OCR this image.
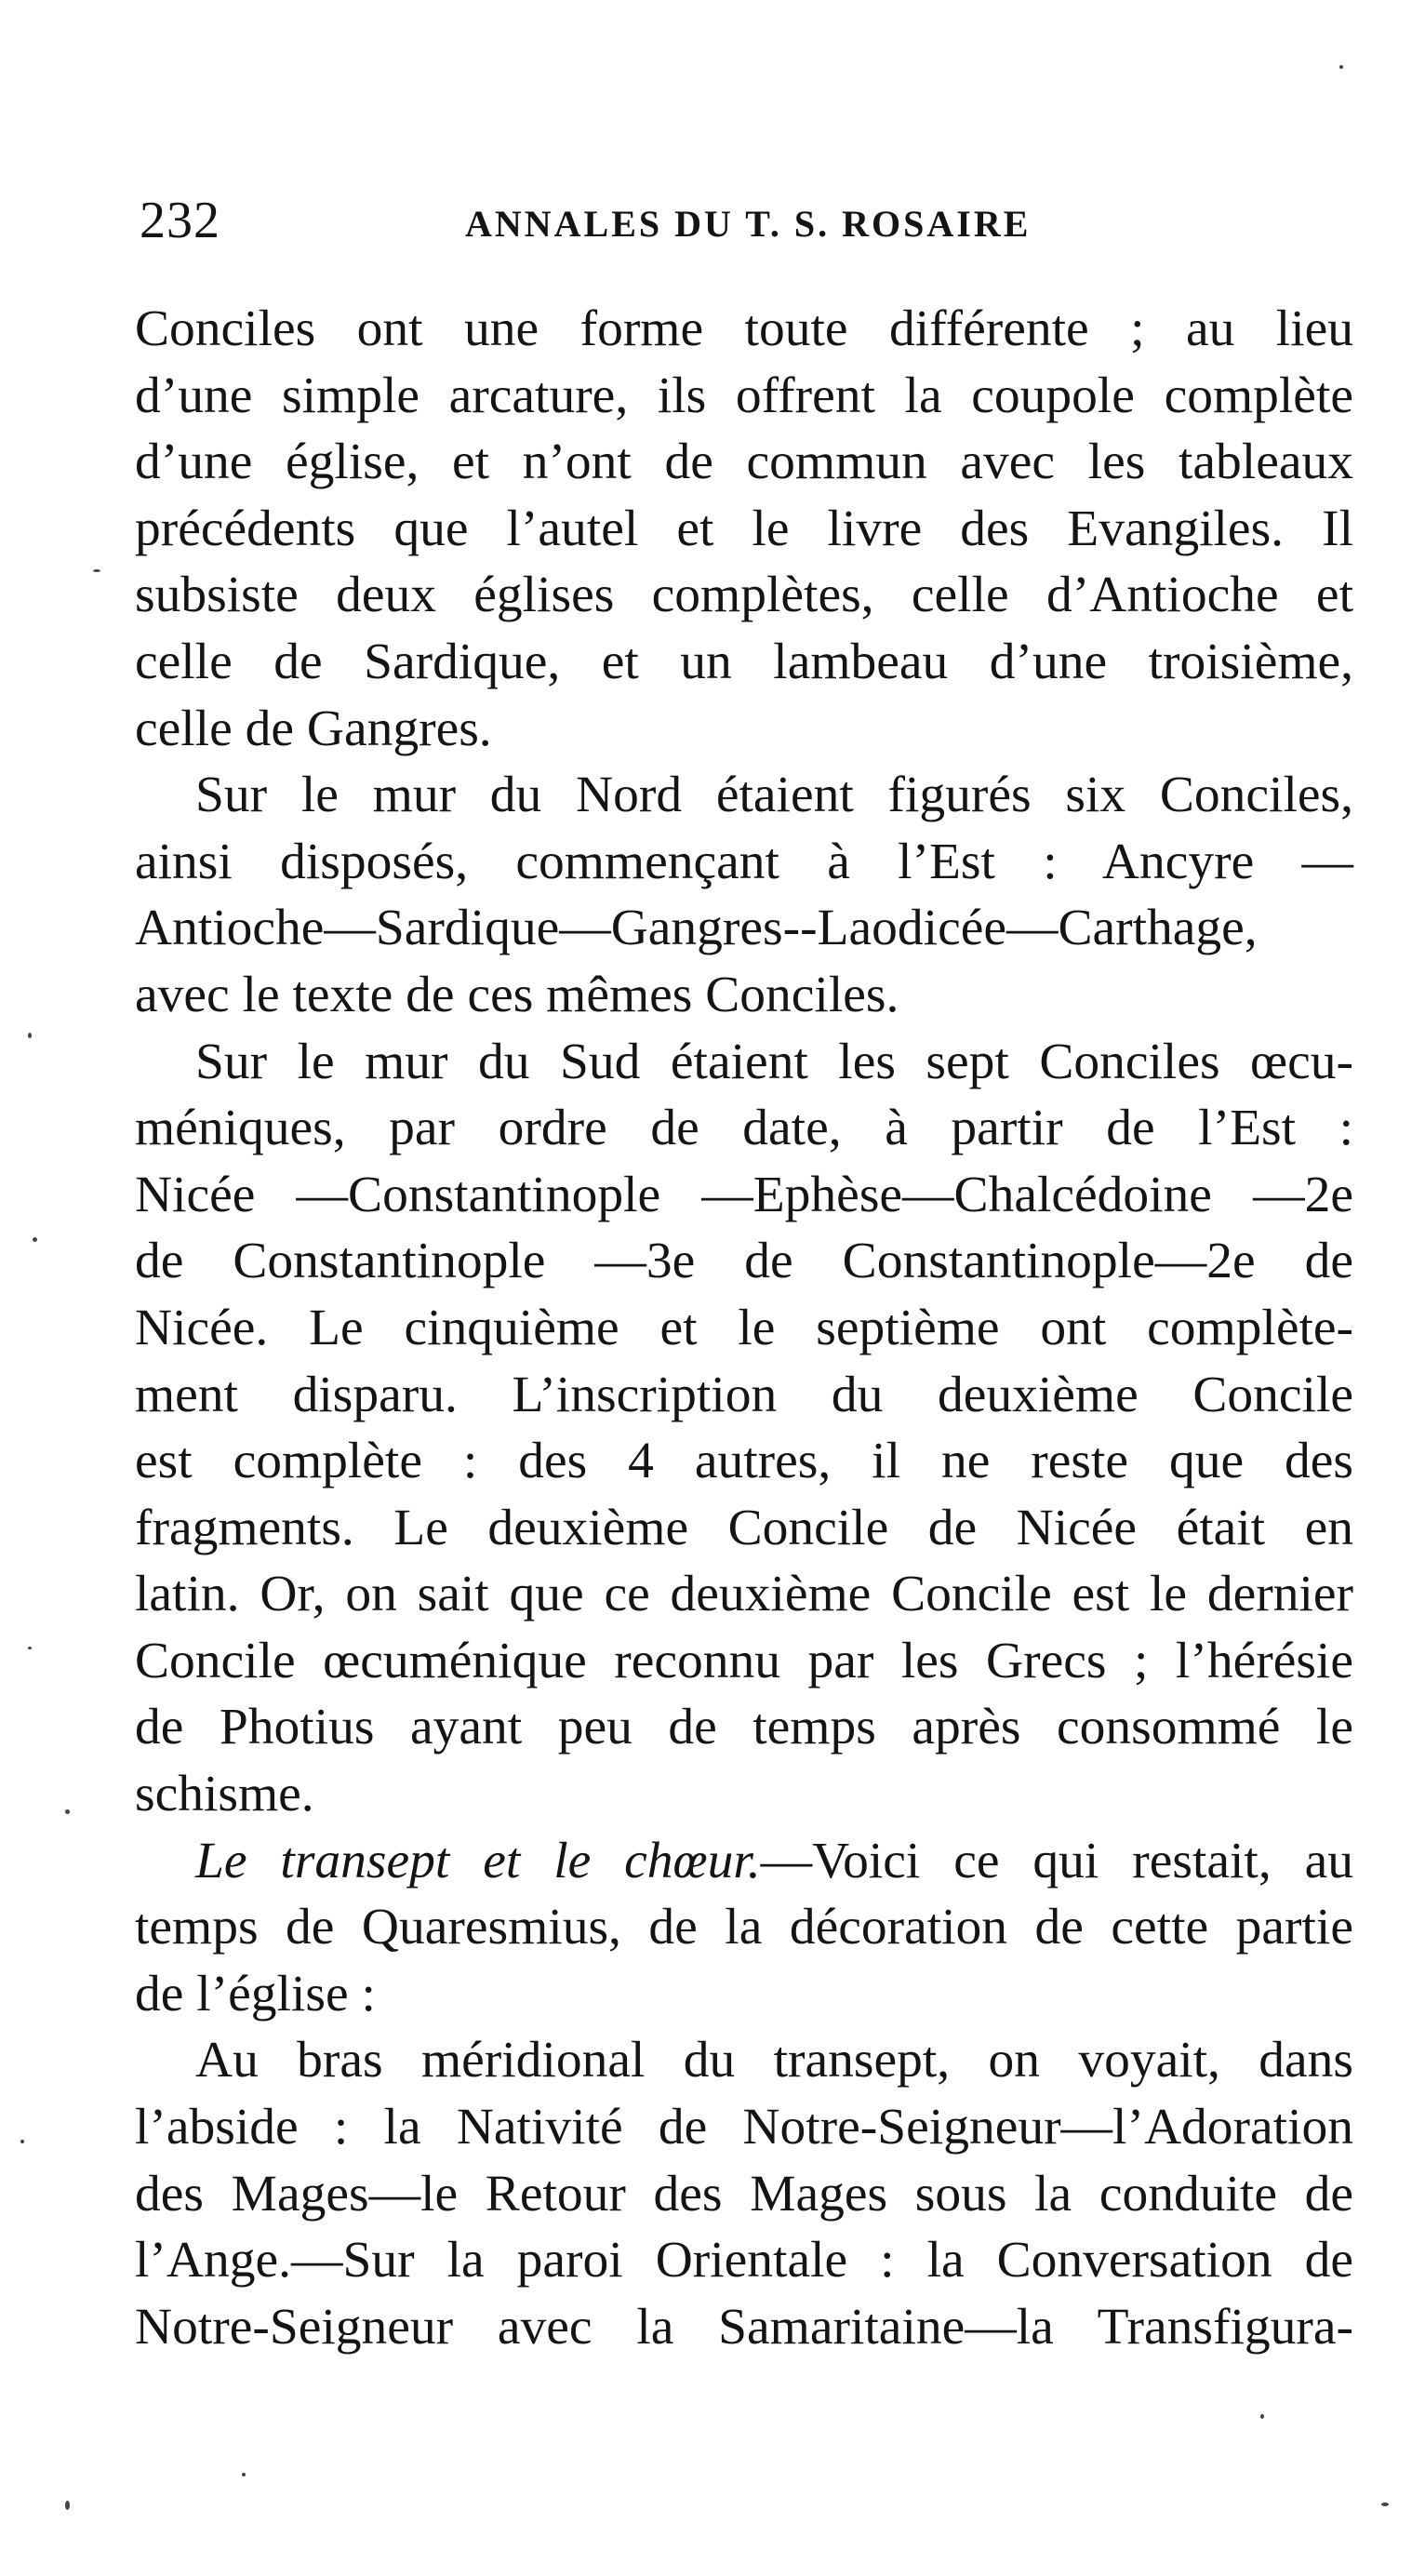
232	ANNALES DU T. S. ROSAIRE
Conciles ont une forme toute différente ; au lieu
d’une simple arcature, ils offrent la coupole complète
d’une église, et n’ont de commun avec les tableaux
précédents que l’autel et le livre des Evangiles. Il
subsiste deux églises complètes, celle d’Antioche et
celle de Sardique, et un lambeau d’une troisième,
celle de Gangres.
Sur le mur du Nord étaient figurés six Conciles,
ainsi disposés, commençant à l’Est : Ancyre —
Antioche—Sardique—Gangres--Laodicée—Carthage,
avec le texte de ces mêmes Conciles.
Sur le mur du Sud étaient les sept Conciles œcu-
méniques, par ordre de date, à partir de l’Est :
Nicée —Constantinople —Ephèse—Chalcédoine —2e
de Constantinople —3e de Constantinople—2e de
Nicée. Le cinquième et le septième ont complète-
ment disparu. L’inscription du deuxième Concile
est complète : des 4 autres, il ne reste que des
fragments. Le deuxième Concile de Nicée était en
latin. Or, on sait que ce deuxième Concile est le dernier
Concile œcuménique reconnu par les Grecs ; l’hérésie
de Photius ayant peu de temps après consommé le
schisme.
Le transept et le chœur.—Voici ce qui restait, au
temps de Quaresmius, de la décoration de cette partie
de l’église :
Au bras méridional du transept, on voyait, dans
l’abside : la Nativité de Notre-Seigneur—l’Adoration
des Mages—le Retour des Mages sous la conduite de
l’Ange.—Sur la paroi Orientale : la Conversation de
Notre-Seigneur avec la Samaritaine—la Transfigura-
